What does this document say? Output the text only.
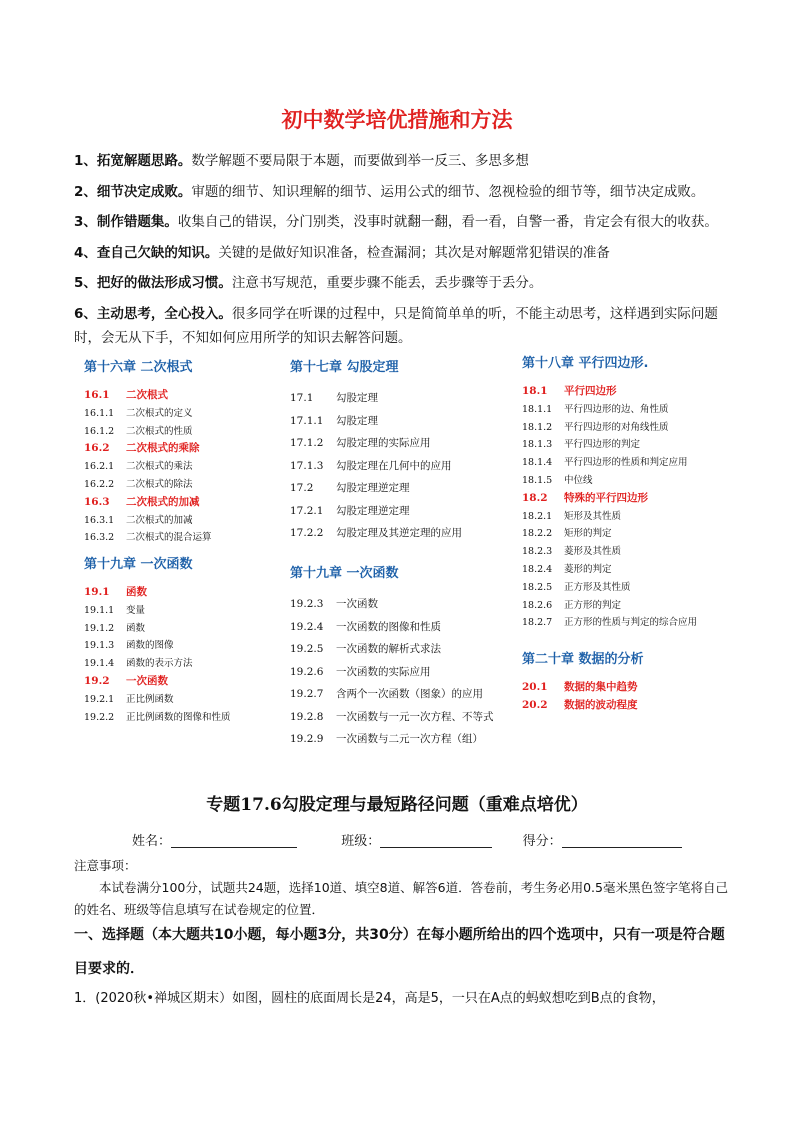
初中数学培优措施和方法
1、拓宽解题思路。数学解题不要局限于本题，而要做到举一反三、多思多想
2、细节决定成败。审题的细节、知识理解的细节、运用公式的细节、忽视检验的细节等，细节决定成败。
3、制作错题集。收集自己的错误，分门别类，没事时就翻一翻，看一看，自警一番，肯定会有很大的收获。
4、查自己欠缺的知识。关键的是做好知识准备，检查漏洞；其次是对解题常犯错误的准备
5、把好的做法形成习惯。注意书写规范，重要步骤不能丢，丢步骤等于丢分。
6、主动思考，全心投入。很多同学在听课的过程中，只是简简单单的听，不能主动思考，这样遇到实际问题时，会无从下手，不知如何应用所学的知识去解答问题。
第十六章 二次根式
16.1 二次根式
16.1.1 二次根式的定义
16.1.2 二次根式的性质
16.2 二次根式的乘除
16.2.1 二次根式的乘法
16.2.2 二次根式的除法
16.3 二次根式的加减
16.3.1 二次根式的加减
16.3.2 二次根式的混合运算
第十九章 一次函数
19.1 函数
19.1.1 变量
19.1.2 函数
19.1.3 函数的图像
19.1.4 函数的表示方法
19.2 一次函数
19.2.1 正比例函数
19.2.2 正比例函数的图像和性质
第十七章 勾股定理
17.1 勾股定理
17.1.1 勾股定理
17.1.2 勾股定理的实际应用
17.1.3 勾股定理在几何中的应用
17.2 勾股定理逆定理
17.2.1 勾股定理逆定理
17.2.2 勾股定理及其逆定理的应用
第十九章 一次函数
19.2.3 一次函数
19.2.4 一次函数的图像和性质
19.2.5 一次函数的解析式求法
19.2.6 一次函数的实际应用
19.2.7 含两个一次函数（图象）的应用
19.2.8 一次函数与一元一次方程、不等式
19.2.9 一次函数与二元一次方程（组）
第十八章 平行四边形.
18.1 平行四边形
18.1.1 平行四边形的边、角性质
18.1.2 平行四边形的对角线性质
18.1.3 平行四边形的判定
18.1.4 平行四边形的性质和判定应用
18.1.5 中位线
18.2 特殊的平行四边形
18.2.1 矩形及其性质
18.2.2 矩形的判定
18.2.3 菱形及其性质
18.2.4 菱形的判定
18.2.5 正方形及其性质
18.2.6 正方形的判定
18.2.7 正方形的性质与判定的综合应用
第二十章 数据的分析
20.1 数据的集中趋势
20.2 数据的波动程度
专题17.6勾股定理与最短路径问题（重难点培优）
姓名：	班级：	得分：
注意事项：
本试卷满分100分，试题共24题，选择10道、填空8道、解答6道．答卷前，考生务必用0.5毫米黑色签字笔将自己的姓名、班级等信息填写在试卷规定的位置．
一、选择题（本大题共10小题，每小题3分，共30分）在每小题所给出的四个选项中，只有一项是符合题目要求的．
1．(2020秋•禅城区期末）如图，圆柱的底面周长是24，高是5，一只在A点的蚂蚁想吃到B点的食物，
